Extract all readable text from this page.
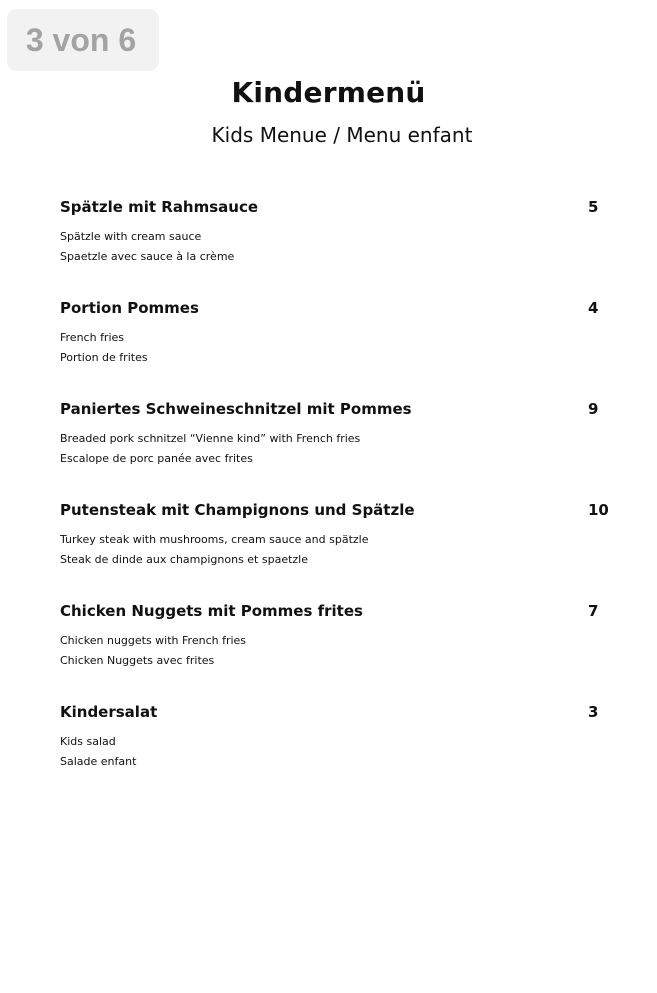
3 von 6
Kindermenü
Kids Menue / Menu enfant
Spätzle mit Rahmsauce	5
Spätzle with cream sauce
Spaetzle avec sauce à la crème
Portion Pommes	4
French fries
Portion de frites
Paniertes Schweineschnitzel mit Pommes	9
Breaded pork schnitzel “Vienne kind” with French fries
Escalope de porc panée avec frites
Putensteak mit Champignons und Spätzle	10
Turkey steak with mushrooms, cream sauce and spätzle
Steak de dinde aux champignons et spaetzle
Chicken Nuggets mit Pommes frites	7
Chicken nuggets with French fries
Chicken Nuggets avec frites
Kindersalat	3
Kids salad
Salade enfant
